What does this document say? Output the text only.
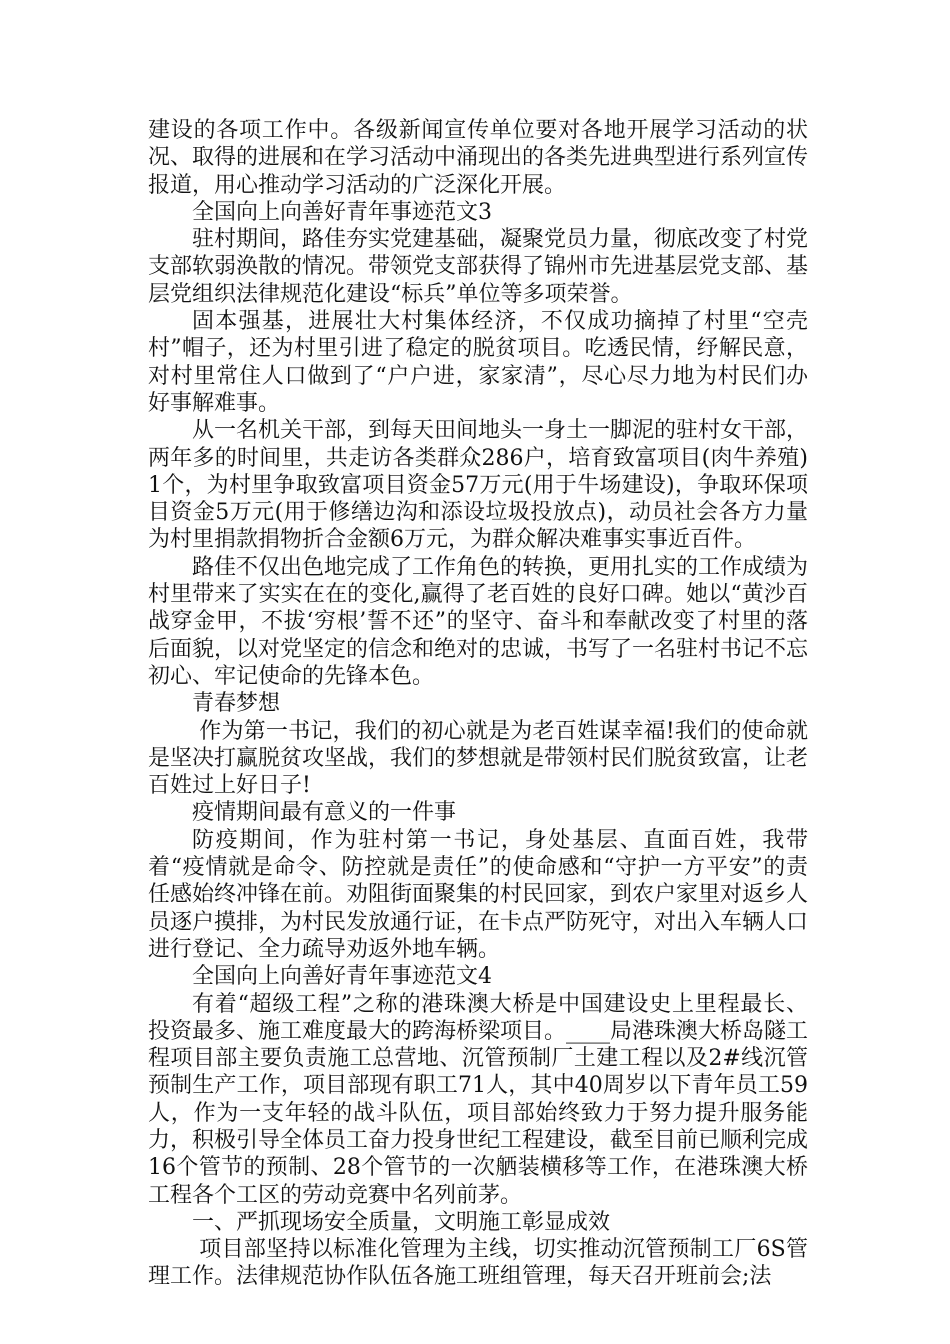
建设的各项工作中。各级新闻宣传单位要对各地开展学习活动的状况、取得的进展和在学习活动中涌现出的各类先进典型进行系列宣传报道，用心推动学习活动的广泛深化开展。

全国向上向善好青年事迹范文3

驻村期间，路佳夯实党建基础，凝聚党员力量，彻底改变了村党支部软弱涣散的情况。带领党支部获得了锦州市先进基层党支部、基层党组织法律规范化建设“标兵”单位等多项荣誉。

固本强基，进展壮大村集体经济，不仅成功摘掉了村里“空壳村”帽子，还为村里引进了稳定的脱贫项目。吃透民情，纾解民意，对村里常住人口做到了“户户进，家家清”，尽心尽力地为村民们办好事解难事。

从一名机关干部，到每天田间地头一身土一脚泥的驻村女干部，两年多的时间里，共走访各类群众286户，培育致富项目(肉牛养殖)1个，为村里争取致富项目资金57万元(用于牛场建设)，争取环保项目资金5万元(用于修缮边沟和添设垃圾投放点)，动员社会各方力量为村里捐款捐物折合金额6万元，为群众解决难事实事近百件。

路佳不仅出色地完成了工作角色的转换，更用扎实的工作成绩为村里带来了实实在在的变化,赢得了老百姓的良好口碑。她以“黄沙百战穿金甲，不拔‘穷根’誓不还”的坚守、奋斗和奉献改变了村里的落后面貌，以对党坚定的信念和绝对的忠诚，书写了一名驻村书记不忘初心、牢记使命的先锋本色。

青春梦想

作为第一书记，我们的初心就是为老百姓谋幸福!我们的使命就是坚决打赢脱贫攻坚战，我们的梦想就是带领村民们脱贫致富，让老百姓过上好日子!

疫情期间最有意义的一件事

防疫期间，作为驻村第一书记，身处基层、直面百姓，我带着“疫情就是命令、防控就是责任”的使命感和“守护一方平安”的责任感始终冲锋在前。劝阻街面聚集的村民回家，到农户家里对返乡人员逐户摸排，为村民发放通行证，在卡点严防死守，对出入车辆人口进行登记、全力疏导劝返外地车辆。

全国向上向善好青年事迹范文4

有着“超级工程”之称的港珠澳大桥是中国建设史上里程最长、投资最多、施工难度最大的跨海桥梁项目。____局港珠澳大桥岛隧工程项目部主要负责施工总营地、沉管预制厂土建工程以及2#线沉管预制生产工作，项目部现有职工71人，其中40周岁以下青年员工59人，作为一支年轻的战斗队伍，项目部始终致力于努力提升服务能力，积极引导全体员工奋力投身世纪工程建设，截至目前已顺利完成16个管节的预制、28个管节的一次舾装横移等工作，在港珠澳大桥工程各个工区的劳动竞赛中名列前茅。

一、严抓现场安全质量，文明施工彰显成效

项目部坚持以标准化管理为主线，切实推动沉管预制工厂6S管理工作。法律规范协作队伍各施工班组管理，每天召开班前会;法
